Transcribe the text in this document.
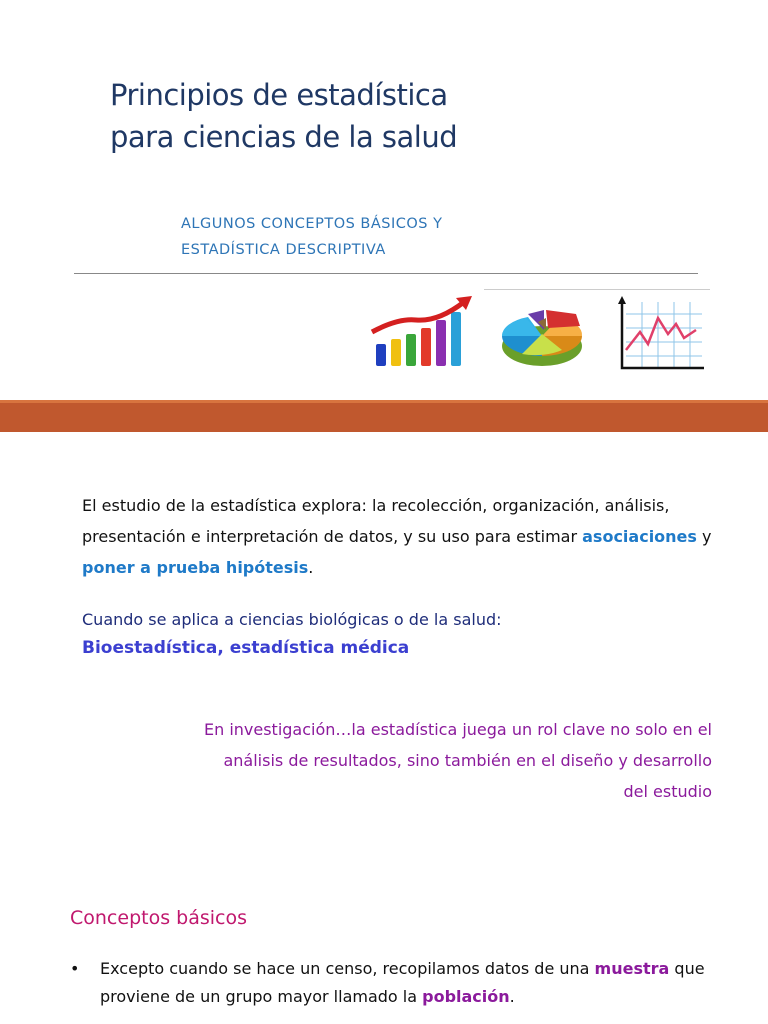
Principios de estadística
para ciencias de la salud
ALGUNOS CONCEPTOS BÁSICOS Y
ESTADÍSTICA DESCRIPTIVA

El estudio de la estadística explora: la recolección, organización, análisis, presentación e interpretación de datos, y su uso para estimar asociaciones y poner a prueba hipótesis.

Cuando se aplica a ciencias biológicas o de la salud:

Bioestadística, estadística médica

En investigación…la estadística juega un rol clave no solo en el análisis de resultados, sino también en el diseño y desarrollo del estudio

Conceptos básicos
• Excepto cuando se hace un censo, recopilamos datos de una muestra que proviene de un grupo mayor llamado la población.
